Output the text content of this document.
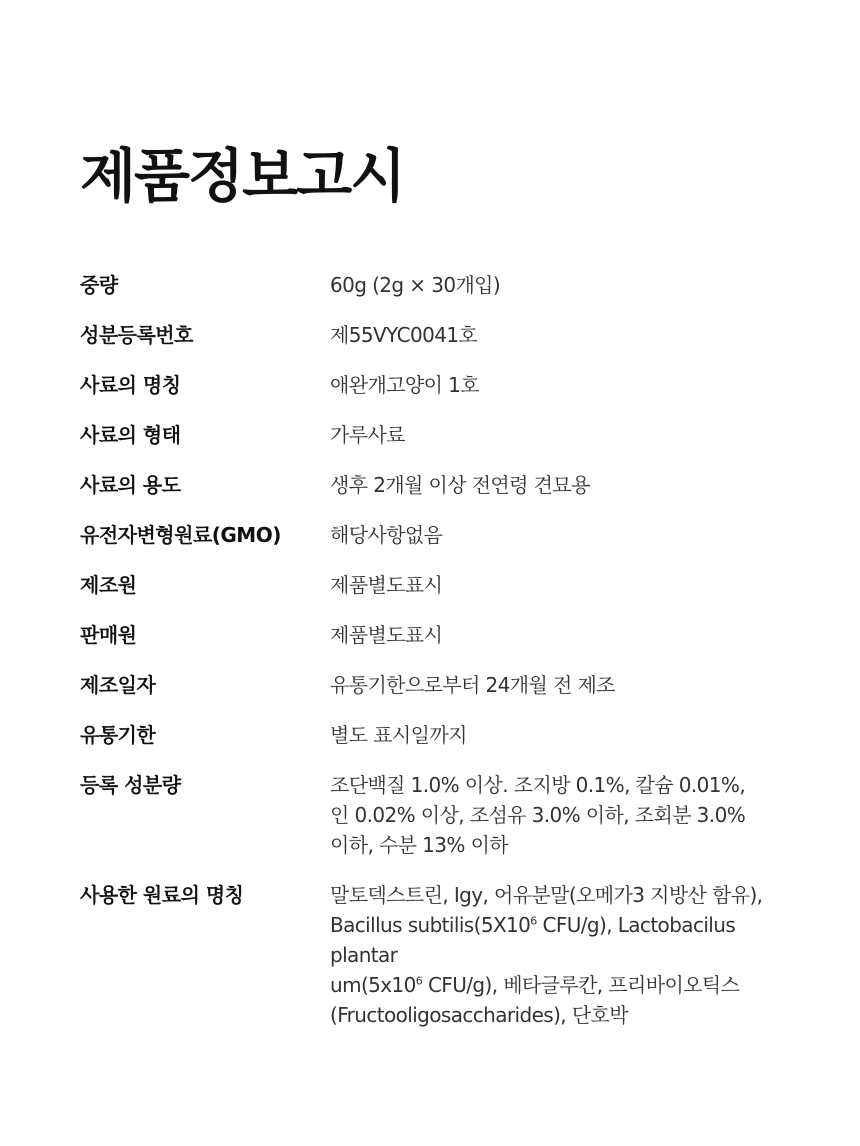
제품정보고시
중량	60g (2g × 30개입)
성분등록번호	제55VYC0041호
사료의 명칭	애완개고양이 1호
사료의 형태	가루사료
사료의 용도	생후 2개월 이상 전연령 견묘용
유전자변형원료(GMO)	해당사항없음
제조원	제품별도표시
판매원	제품별도표시
제조일자	유통기한으로부터 24개월 전 제조
유통기한	별도 표시일까지
등록 성분량	조단백질 1.0% 이상. 조지방 0.1%, 칼슘 0.01%,
인 0.02% 이상, 조섬유 3.0% 이하, 조회분 3.0%
이하, 수분 13% 이하
사용한 원료의 명칭	말토덱스트린, Igy, 어유분말(오메가3 지방산 함유),
Bacillus $subtilis(5X10^6$ CFU/g), Lactobacilus plantar
$um(5x10^6$ CFU/g), 베타글루칸, 프리바이오틱스
(Fructooligosaccharides), 단호박
